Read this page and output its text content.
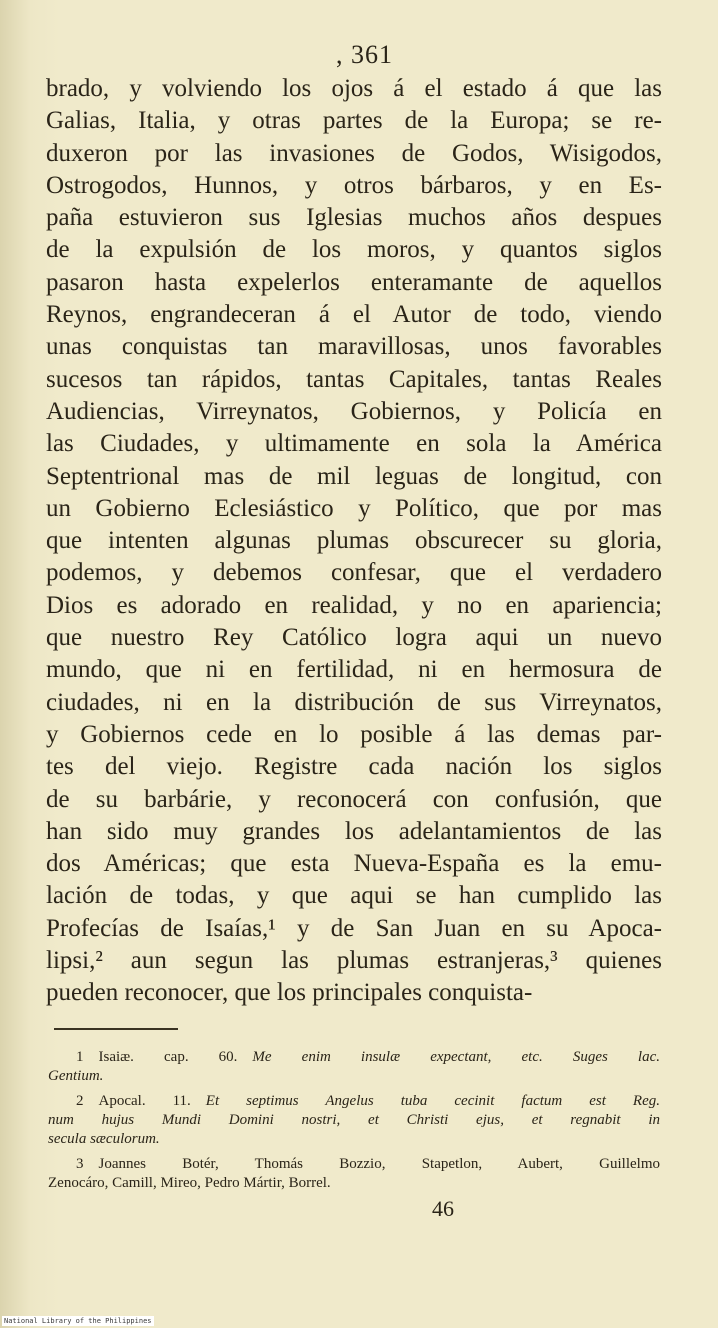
, 361
brado, y volviendo los ojos á el estado á que las
Galias, Italia, y otras partes de la Europa; se re-
duxeron por las invasiones de Godos, Wisigodos,
Ostrogodos, Hunnos, y otros bárbaros, y en Es-
paña estuvieron sus Iglesias muchos años despues
de la expulsión de los moros, y quantos siglos
pasaron hasta expelerlos enteramante de aquellos
Reynos, engrandeceran á el Autor de todo, viendo
unas conquistas tan maravillosas, unos favorables
sucesos tan rápidos, tantas Capitales, tantas Reales
Audiencias, Virreynatos, Gobiernos, y Policía en
las Ciudades, y ultimamente en sola la América
Septentrional mas de mil leguas de longitud, con
un Gobierno Eclesiástico y Político, que por mas
que intenten algunas plumas obscurecer su gloria,
podemos, y debemos confesar, que el verdadero
Dios es adorado en realidad, y no en apariencia;
que nuestro Rey Católico logra aqui un nuevo
mundo, que ni en fertilidad, ni en hermosura de
ciudades, ni en la distribución de sus Virreynatos,
y Gobiernos cede en lo posible á las demas par-
tes del viejo. Registre cada nación los siglos
de su barbárie, y reconocerá con confusión, que
han sido muy grandes los adelantamientos de las
dos Américas; que esta Nueva-España es la emu-
lación de todas, y que aqui se han cumplido las
Profecías de Isaías,¹ y de San Juan en su Apoca-
lipsi,² aun segun las plumas estranjeras,³ quienes
pueden reconocer, que los principales conquista-
1  Isaiæ. cap. 60.  Me enim insulæ expectant, etc. Suges lac.
Gentium.
2  Apocal. 11.  Et septimus Angelus tuba cecinit factum est Reg.
num hujus Mundi Domini nostri, et Christi ejus, et regnabit in
secula sæculorum.
3  Joannes Botér, Thomás Bozzio, Stapetlon, Aubert, Guillelmo
Zenocáro, Camill, Mireo, Pedro Mártir, Borrel.
46
National Library of the Philippines
